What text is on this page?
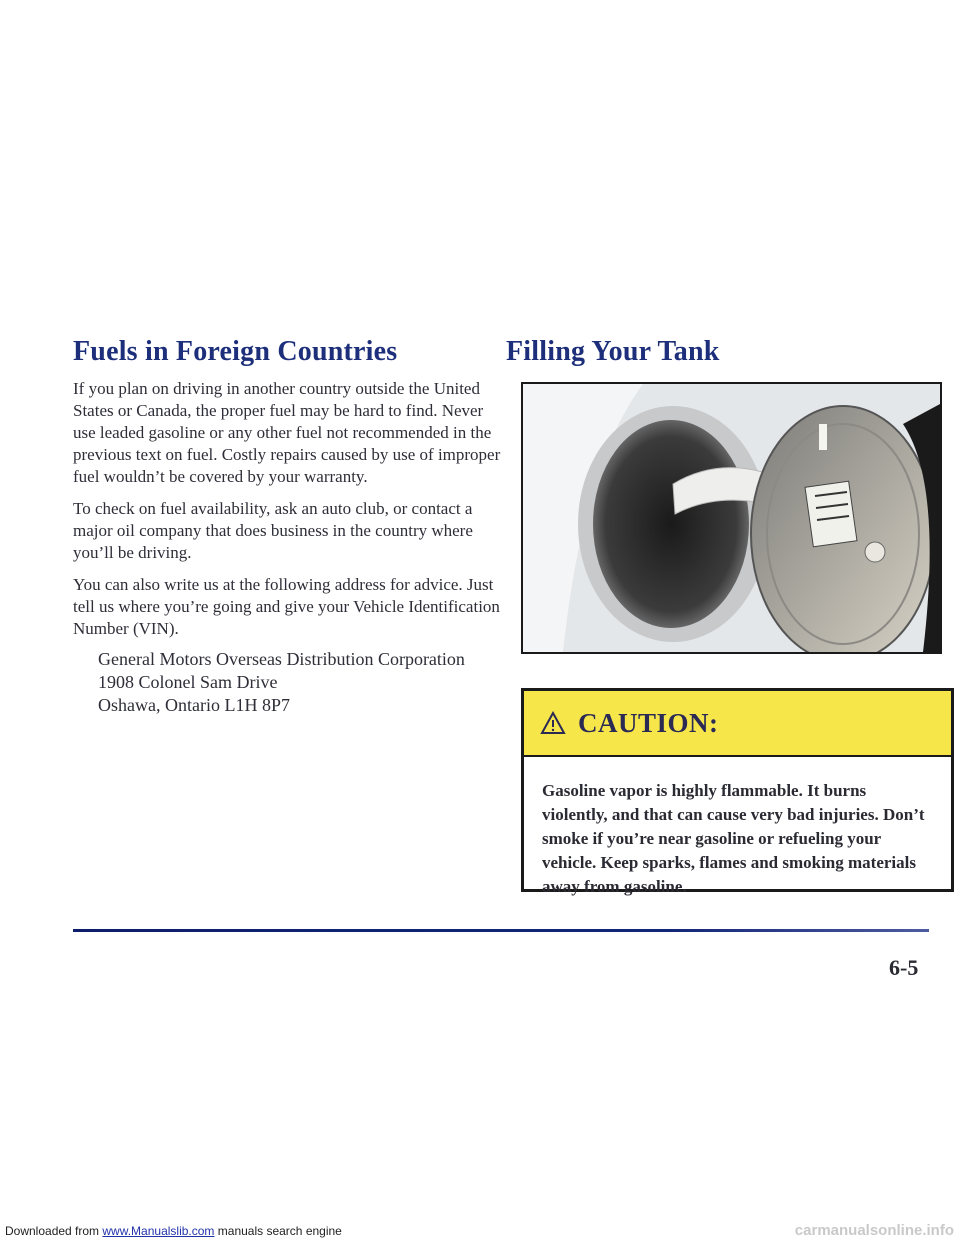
Fuels in Foreign Countries

If you plan on driving in another country outside the United States or Canada, the proper fuel may be hard to find. Never use leaded gasoline or any other fuel not recommended in the previous text on fuel. Costly repairs caused by use of improper fuel wouldn’t be covered by your warranty.

To check on fuel availability, ask an auto club, or contact a major oil company that does business in the country where you’ll be driving.

You can also write us at the following address for advice. Just tell us where you’re going and give your Vehicle Identification Number (VIN).

General Motors Overseas Distribution Corporation
1908 Colonel Sam Drive
Oshawa, Ontario L1H 8P7
Filling Your Tank
CAUTION:
Gasoline vapor is highly flammable. It burns violently, and that can cause very bad injuries. Don’t smoke if you’re near gasoline or refueling your vehicle. Keep sparks, flames and smoking materials away from gasoline.
6-5
Downloaded from www.Manualslib.com manuals search engine	carmanualsonline.info
